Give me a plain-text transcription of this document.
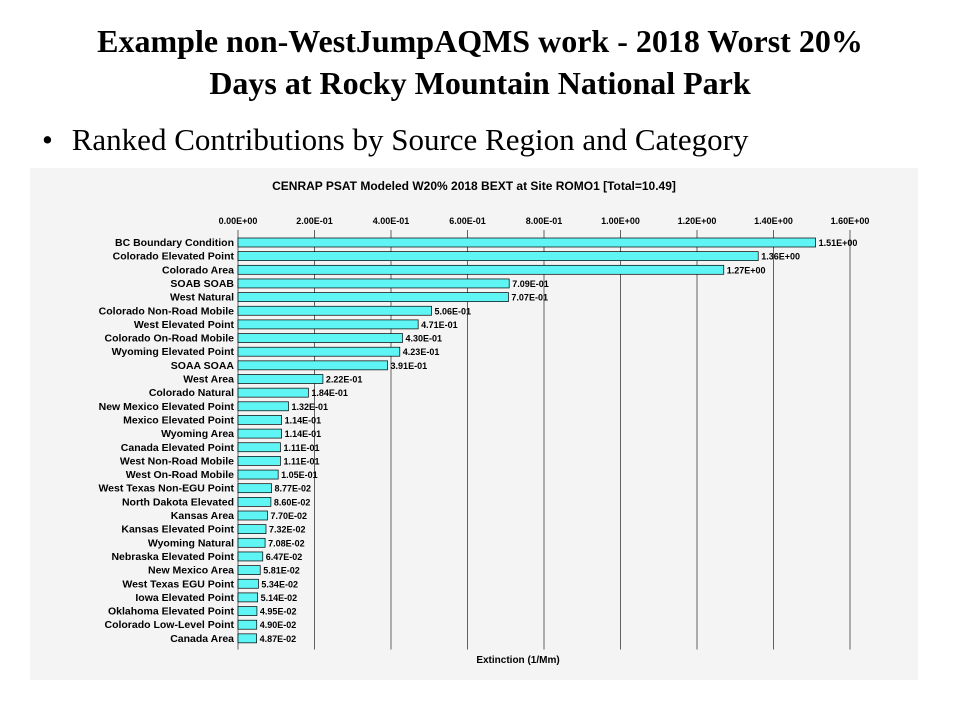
Example non-WestJumpAQMS work - 2018 Worst 20%
Days at Rocky Mountain National Park
• Ranked Contributions by Source Region and Category
CENRAP PSAT Modeled W20% 2018 BEXT at Site ROMO1 [Total=10.49]
0.00E+00	2.00E-01	4.00E-01	6.00E-01	8.00E-01	1.00E+00	1.20E+00	1.40E+00	1.60E+00
BC Boundary Condition
Colorado Elevated Point
Colorado Area
SOAB SOAB
West Natural
Colorado Non-Road Mobile
West Elevated Point
Colorado On-Road Mobile
Wyoming Elevated Point
SOAA SOAA
West Area
Colorado Natural
New Mexico Elevated Point
Mexico Elevated Point
Wyoming Area
Canada Elevated Point
West Non-Road Mobile
West On-Road Mobile
West Texas Non-EGU Point
North Dakota Elevated
Kansas Area
Kansas Elevated Point
Wyoming Natural
Nebraska Elevated Point
New Mexico Area
West Texas EGU Point
Iowa Elevated Point
Oklahoma Elevated Point
Colorado Low-Level Point
Canada Area
1.51E+00
1.36E+00
1.27E+00
7.09E-01
7.07E-01
5.06E-01
4.71E-01
4.30E-01
4.23E-01
3.91E-01
2.22E-01
1.84E-01
1.32E-01
1.14E-01
1.14E-01
1.11E-01
1.11E-01
1.05E-01
8.77E-02
8.60E-02
7.70E-02
7.32E-02
7.08E-02
6.47E-02
5.81E-02
5.34E-02
5.14E-02
4.95E-02
4.90E-02
4.87E-02
Extinction (1/Mm)
